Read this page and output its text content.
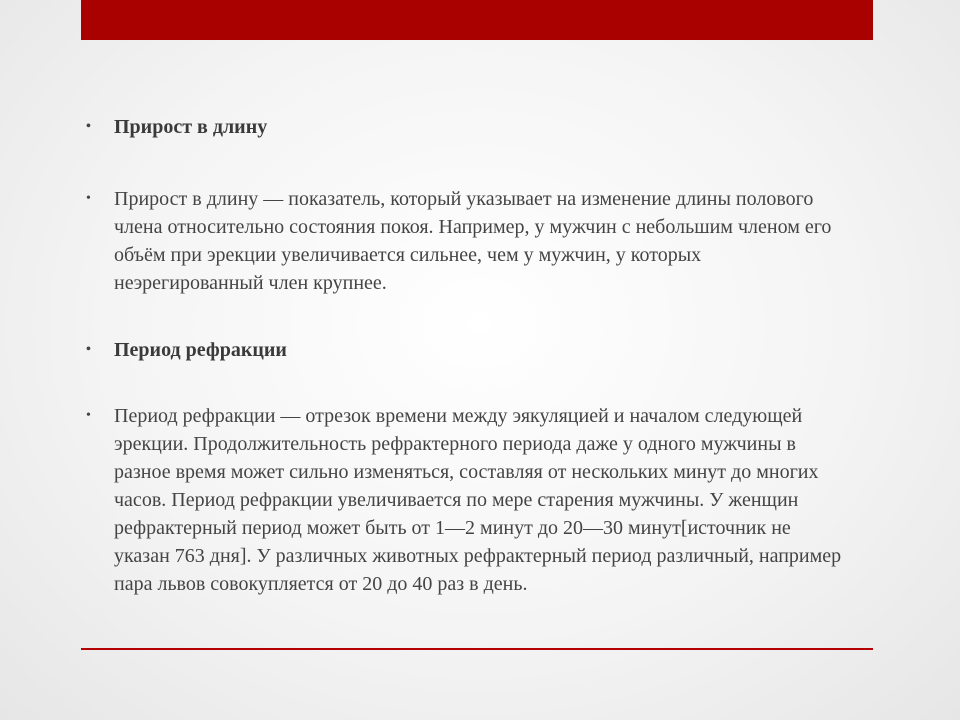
• Прирост в длину

• Прирост в длину — показатель, который указывает на изменение длины полового члена относительно состояния покоя. Например, у мужчин с небольшим членом его объём при эрекции увеличивается сильнее, чем у мужчин, у которых неэрегированный член крупнее.

• Период рефракции

• Период рефракции — отрезок времени между эякуляцией и началом следующей эрекции. Продолжительность рефрактерного периода даже у одного мужчины в разное время может сильно изменяться, составляя от нескольких минут до многих часов. Период рефракции увеличивается по мере старения мужчины. У женщин рефрактерный период может быть от 1—2 минут до 20—30 минут[источник не указан 763 дня]. У различных животных рефрактерный период различный, например пара львов совокупляется от 20 до 40 раз в день.
